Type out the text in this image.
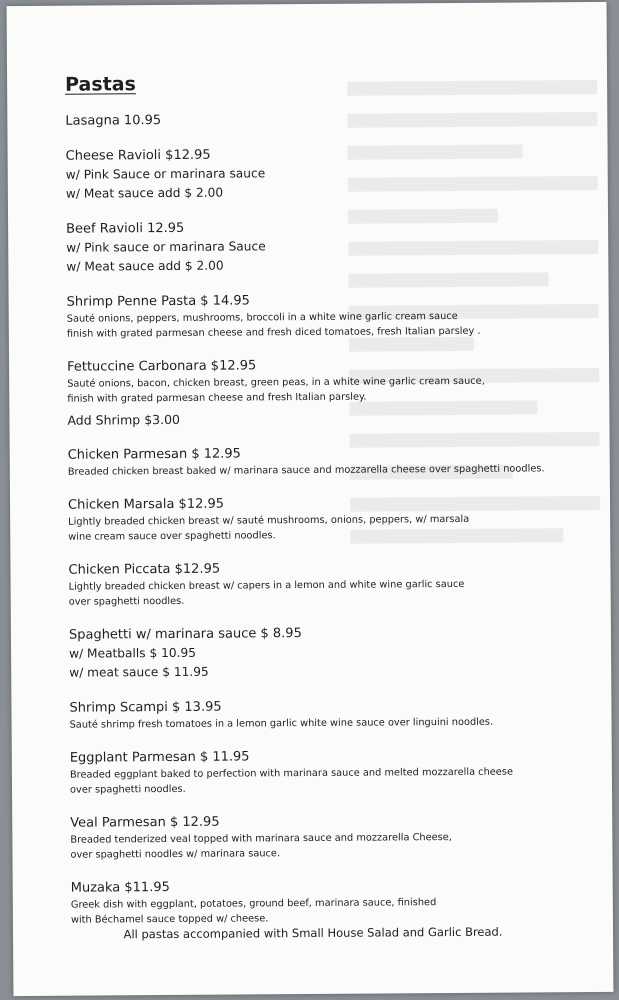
Pastas
Lasagna 10.95
Cheese Ravioli $12.95
w/ Pink Sauce or marinara sauce
w/ Meat sauce add $ 2.00
Beef Ravioli 12.95
w/ Pink sauce or marinara Sauce
w/ Meat sauce add $ 2.00
Shrimp Penne Pasta $ 14.95
Sauté onions, peppers, mushrooms, broccoli in a white wine garlic cream sauce
finish with grated parmesan cheese and fresh diced tomatoes, fresh Italian parsley .
Fettuccine Carbonara $12.95
Sauté onions, bacon, chicken breast, green peas, in a white wine garlic cream sauce,
finish with grated parmesan cheese and fresh Italian parsley.
Add Shrimp $3.00
Chicken Parmesan $ 12.95
Breaded chicken breast baked w/ marinara sauce and mozzarella cheese over spaghetti noodles.
Chicken Marsala $12.95
Lightly breaded chicken breast w/ sauté mushrooms, onions, peppers, w/ marsala
wine cream sauce over spaghetti noodles.
Chicken Piccata $12.95
Lightly breaded chicken breast w/ capers in a lemon and white wine garlic sauce
over spaghetti noodles.
Spaghetti w/ marinara sauce $ 8.95
w/ Meatballs $ 10.95
w/ meat sauce $ 11.95
Shrimp Scampi $ 13.95
Sauté shrimp fresh tomatoes in a lemon garlic white wine sauce over linguini noodles.
Eggplant Parmesan $ 11.95
Breaded eggplant baked to perfection with marinara sauce and melted mozzarella cheese
over spaghetti noodles.
Veal Parmesan $ 12.95
Breaded tenderized veal topped with marinara sauce and mozzarella Cheese,
over spaghetti noodles w/ marinara sauce.
Muzaka $11.95
Greek dish with eggplant, potatoes, ground beef, marinara sauce, finished
with Béchamel sauce topped w/ cheese.
All pastas accompanied with Small House Salad and Garlic Bread.
